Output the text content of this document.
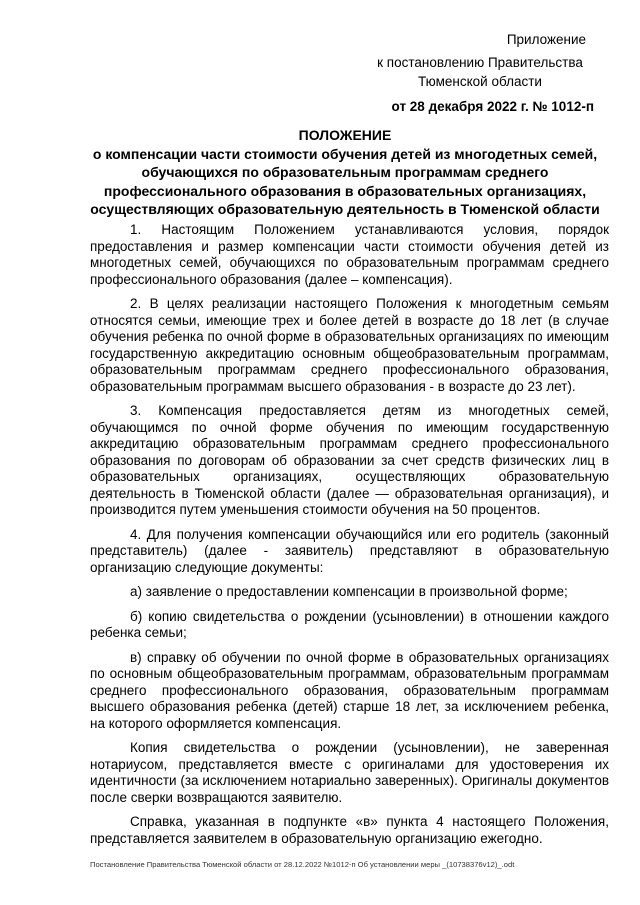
Приложение
к постановлению Правительства Тюменской области
от 28 декабря 2022 г. № 1012-п
ПОЛОЖЕНИЕ
о компенсации части стоимости обучения детей из многодетных семей, обучающихся по образовательным программам среднего профессионального образования в образовательных организациях, осуществляющих образовательную деятельность в Тюменской области

1. Настоящим Положением устанавливаются условия, порядок предоставления и размер компенсации части стоимости обучения детей из многодетных семей, обучающихся по образовательным программам среднего профессионального образования (далее – компенсация).

2. В целях реализации настоящего Положения к многодетным семьям относятся семьи, имеющие трех и более детей в возрасте до 18 лет (в случае обучения ребенка по очной форме в образовательных организациях по имеющим государственную аккредитацию основным общеобразовательным программам, образовательным программам среднего профессионального образования, образовательным программам высшего образования - в возрасте до 23 лет).

3. Компенсация предоставляется детям из многодетных семей, обучающимся по очной форме обучения по имеющим государственную аккредитацию образовательным программам среднего профессионального образования по договорам об образовании за счет средств физических лиц в образовательных организациях, осуществляющих образовательную деятельность в Тюменской области (далее — образовательная организация), и производится путем уменьшения стоимости обучения на 50 процентов.

4. Для получения компенсации обучающийся или его родитель (законный представитель) (далее - заявитель) представляют в образовательную организацию следующие документы:

а) заявление о предоставлении компенсации в произвольной форме;

б) копию свидетельства о рождении (усыновлении) в отношении каждого ребенка семьи;

в) справку об обучении по очной форме в образовательных организациях по основным общеобразовательным программам, образовательным программам среднего профессионального образования, образовательным программам высшего образования ребенка (детей) старше 18 лет, за исключением ребенка, на которого оформляется компенсация.

Копия свидетельства о рождении (усыновлении), не заверенная нотариусом, представляется вместе с оригиналами для удостоверения их идентичности (за исключением нотариально заверенных). Оригиналы документов после сверки возвращаются заявителю.

Справка, указанная в подпункте «в» пункта 4 настоящего Положения, представляется заявителем в образовательную организацию ежегодно.

Постановление Правительства Тюменской области от 28.12.2022 №1012-п Об установлении меры _(10738376v12)_.odt
